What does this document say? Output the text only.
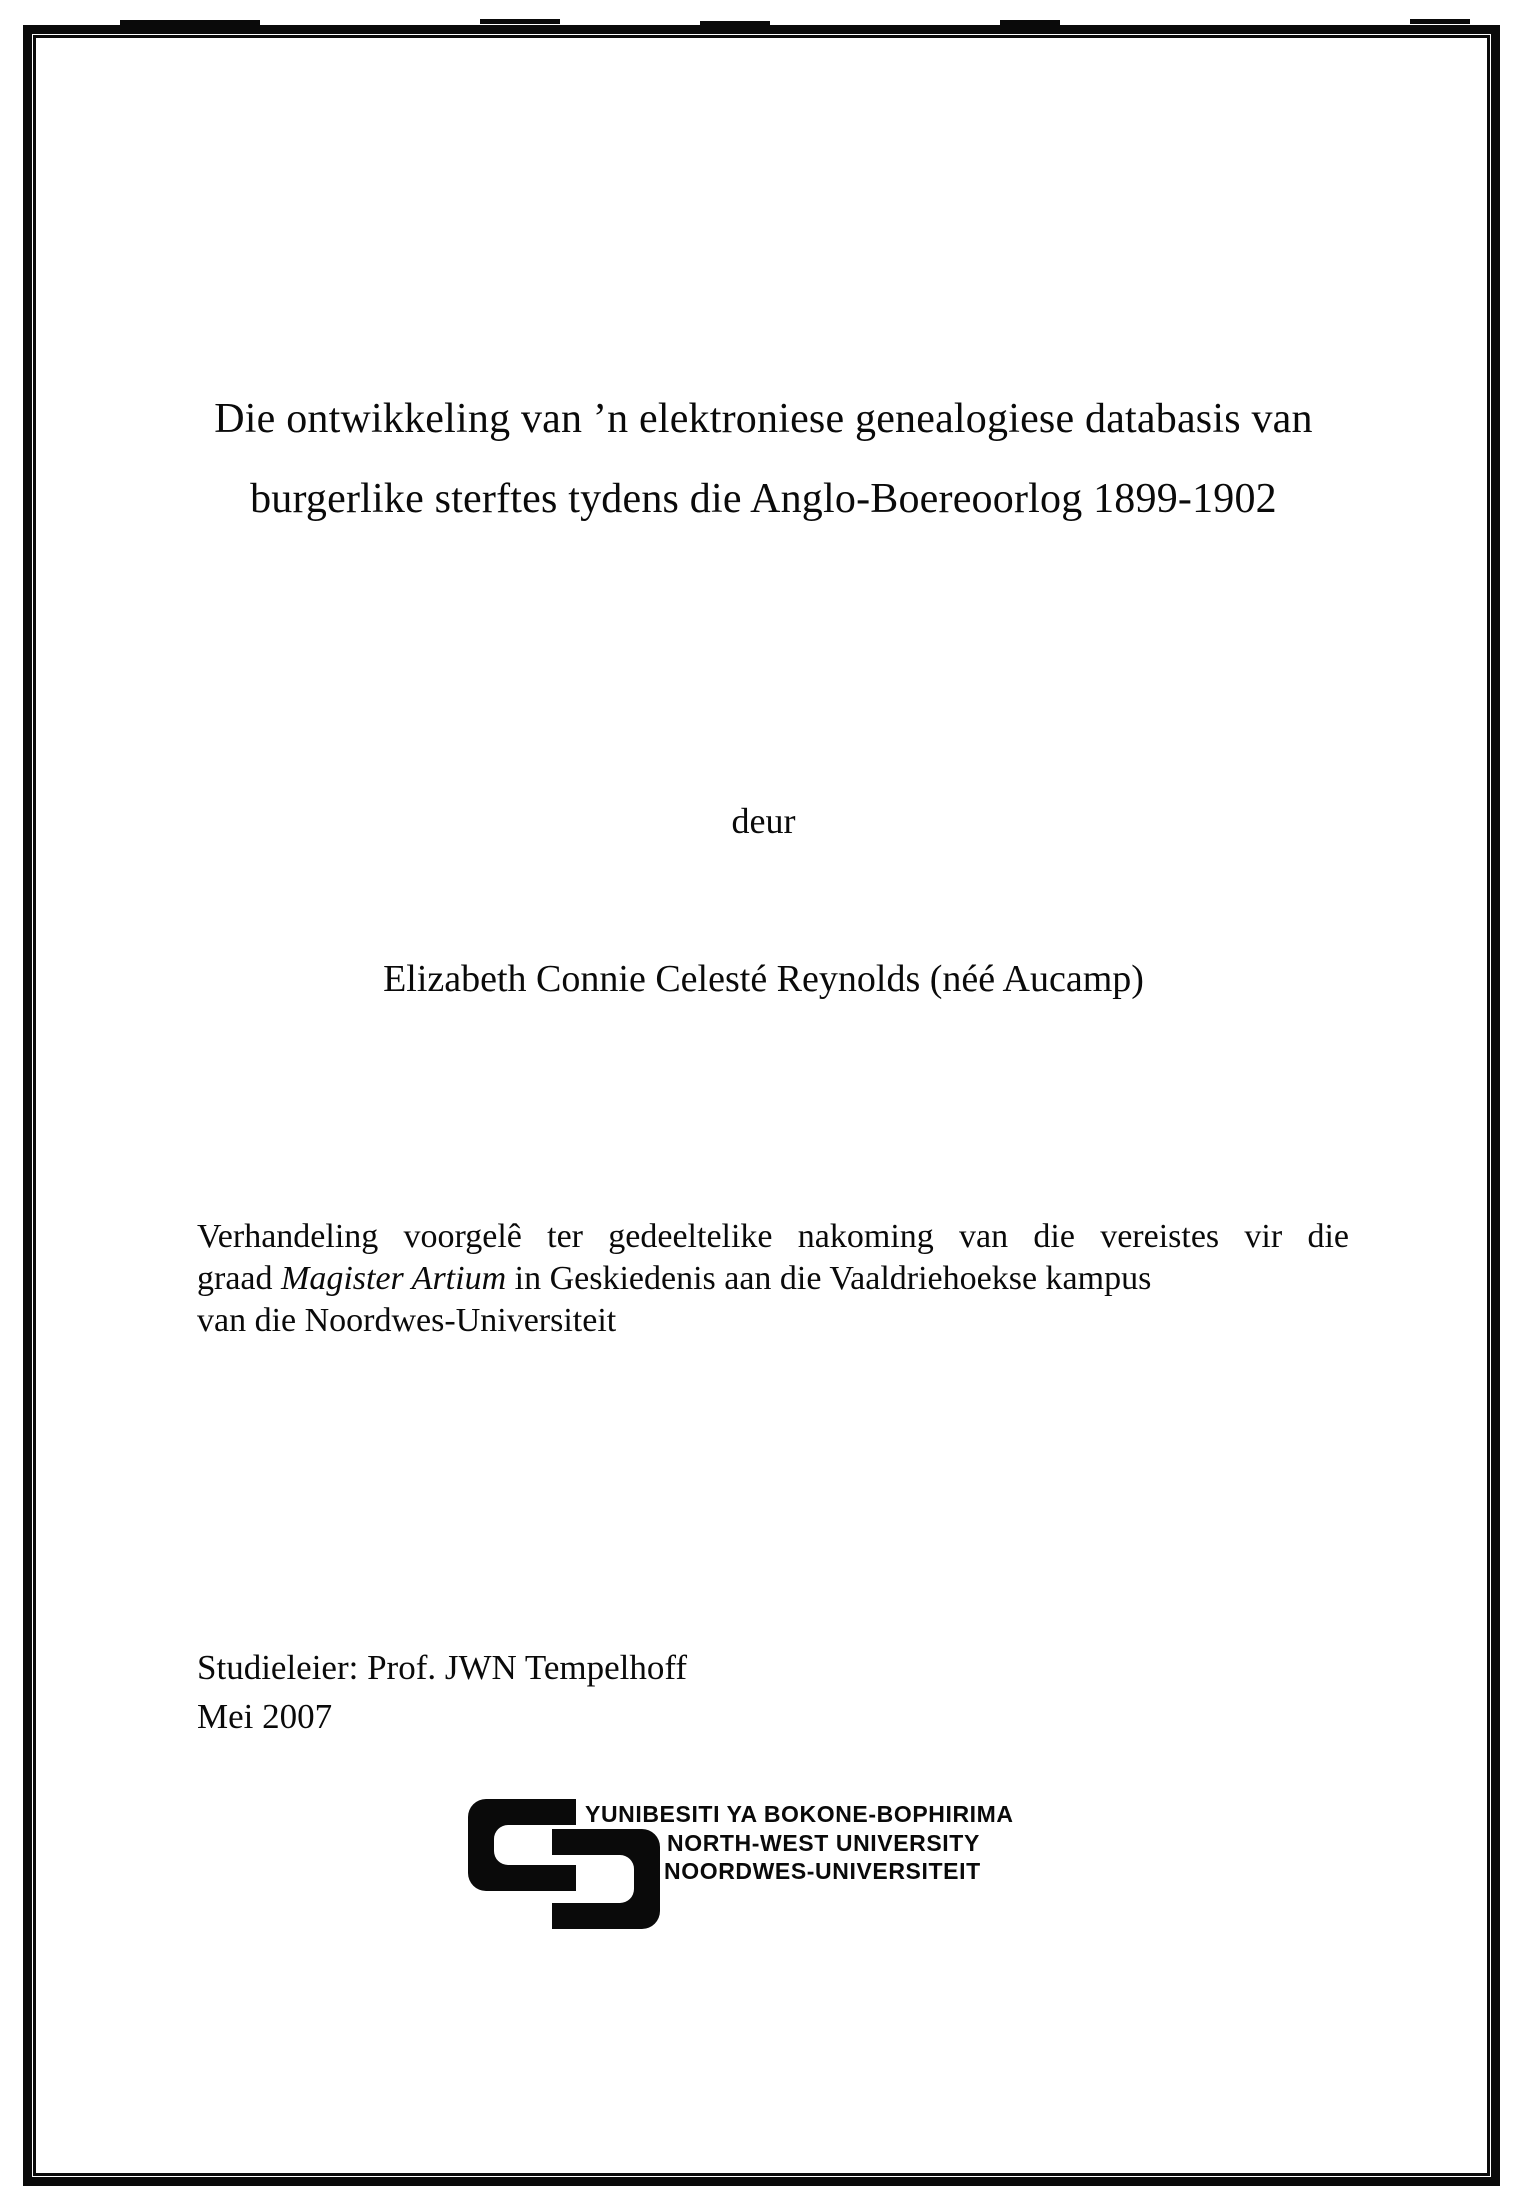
Die ontwikkeling van ’n elektroniese genealogiese databasis van
burgerlike sterftes tydens die Anglo-Boereoorlog 1899-1902
deur
Elizabeth Connie Celesté Reynolds (néé Aucamp)
Verhandeling voorgelê ter gedeeltelike nakoming van die vereistes vir die
graad Magister Artium in Geskiedenis aan die Vaaldriehoekse kampus
van die Noordwes-Universiteit
Studieleier: Prof. JWN Tempelhoff
Mei 2007
YUNIBESITI YA BOKONE-BOPHIRIMA
NORTH-WEST UNIVERSITY
NOORDWES-UNIVERSITEIT
